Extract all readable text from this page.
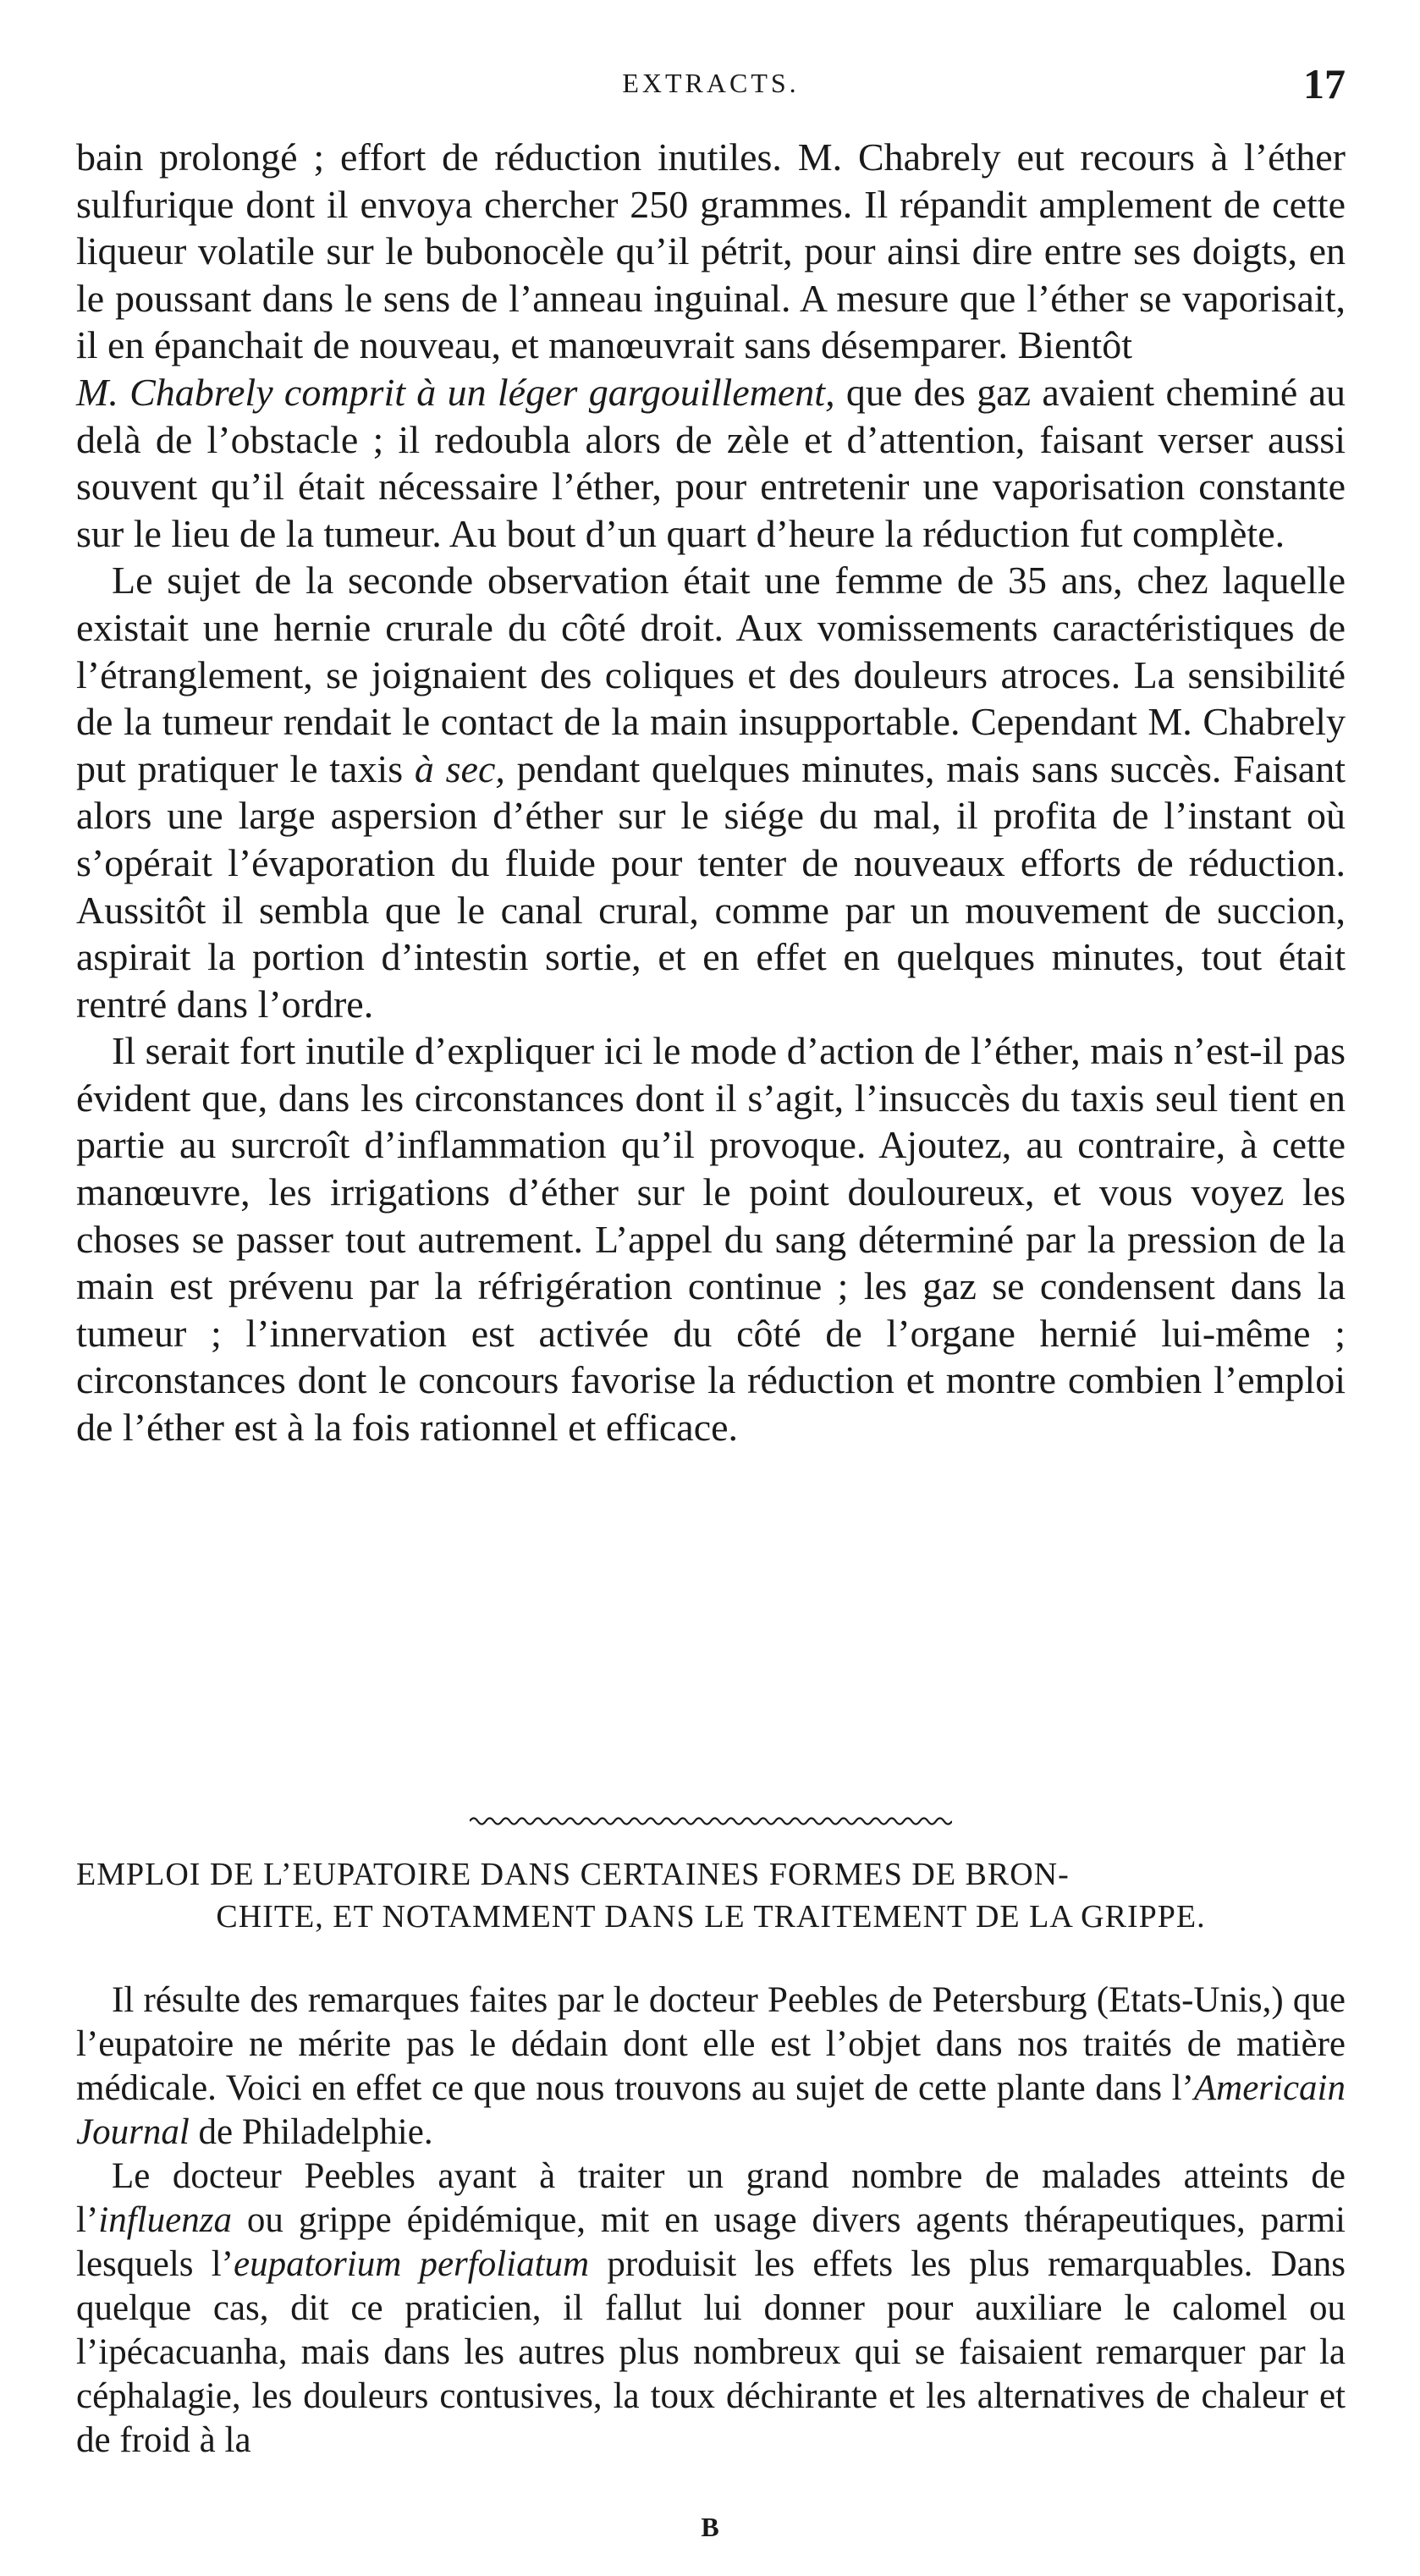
EXTRACTS.	17

bain prolongé ; effort de réduction inutiles. M. Chabrely eut recours à l’éther sulfurique dont il envoya chercher 250 grammes. Il répandit amplement de cette liqueur volatile sur le bubonocèle qu’il pétrit, pour ainsi dire entre ses doigts, en le poussant dans le sens de l’anneau inguinal. A mesure que l’éther se vaporisait, il en épanchait de nouveau, et manœuvrait sans désemparer. Bientôt
M. Chabrely comprit à un léger gargouillement, que des gaz avaient cheminé au delà de l’obstacle ; il redoubla alors de zèle et d’attention, faisant verser aussi souvent qu’il était nécessaire l’éther, pour entretenir une vaporisation constante sur le lieu de la tumeur. Au bout d’un quart d’heure la réduction fut complète.

Le sujet de la seconde observation était une femme de 35 ans, chez laquelle existait une hernie crurale du côté droit. Aux vomissements caractéristiques de l’étranglement, se joignaient des coliques et des douleurs atroces. La sensibilité de la tumeur rendait le contact de la main insupportable. Cependant M. Chabrely put pratiquer le taxis à sec, pendant quelques minutes, mais sans succès. Faisant alors une large aspersion d’éther sur le siége du mal, il profita de l’instant où s’opérait l’évaporation du fluide pour tenter de nouveaux efforts de réduction. Aussitôt il sembla que le canal crural, comme par un mouvement de succion, aspirait la portion d’intestin sortie, et en effet en quelques minutes, tout était rentré dans l’ordre.

Il serait fort inutile d’expliquer ici le mode d’action de l’éther, mais n’est-il pas évident que, dans les circonstances dont il s’agit, l’insuccès du taxis seul tient en partie au surcroît d’inflammation qu’il provoque. Ajoutez, au contraire, à cette manœuvre, les irrigations d’éther sur le point douloureux, et vous voyez les choses se passer tout autrement. L’appel du sang déterminé par la pression de la main est prévenu par la réfrigération continue ; les gaz se condensent dans la tumeur ; l’innervation est activée du côté de l’organe hernié lui-même ; circonstances dont le concours favorise la réduction et montre combien l’emploi de l’éther est à la fois rationnel et efficace.

EMPLOI DE L’EUPATOIRE DANS CERTAINES FORMES DE BRON-
CHITE, ET NOTAMMENT DANS LE TRAITEMENT DE LA GRIPPE.

Il résulte des remarques faites par le docteur Peebles de Petersburg (Etats-Unis,) que l’eupatoire ne mérite pas le dédain dont elle est l’objet dans nos traités de matière médicale. Voici en effet ce que nous trouvons au sujet de cette plante dans l’Americain Journal de Philadelphie.

Le docteur Peebles ayant à traiter un grand nombre de malades atteints de l’influenza ou grippe épidémique, mit en usage divers agents thérapeutiques, parmi lesquels l’eupatorium perfoliatum produisit les effets les plus remarquables. Dans quelque cas, dit ce praticien, il fallut lui donner pour auxiliare le calomel ou l’ipécacuanha, mais dans les autres plus nombreux qui se faisaient remarquer par la céphalagie, les douleurs contusives, la toux déchirante et les alternatives de chaleur et de froid à la

B
